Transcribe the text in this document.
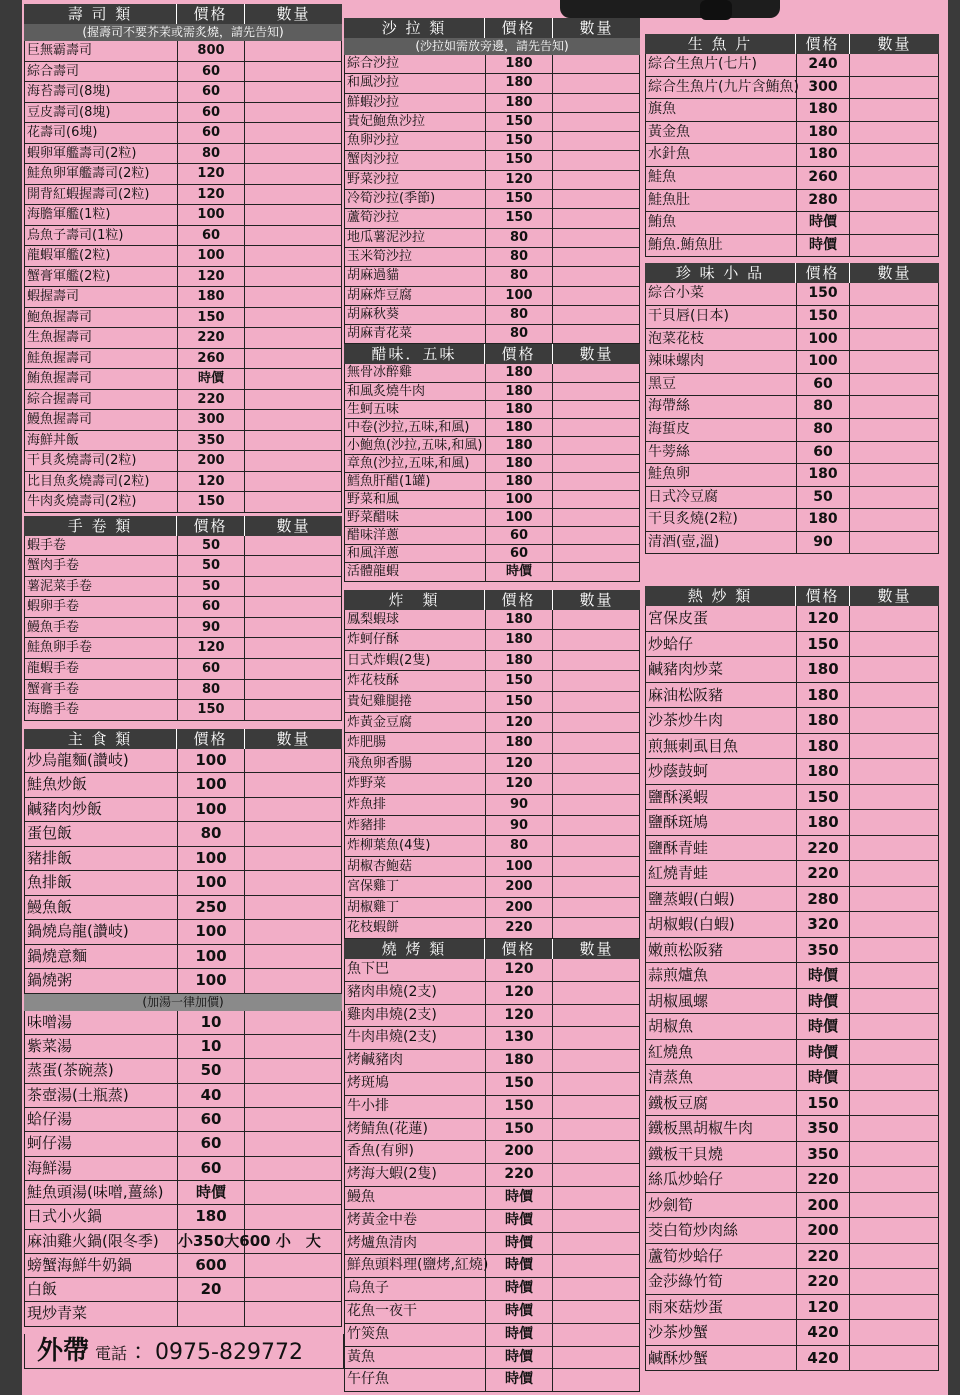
壽 司 類	價格	數量
(握壽司不要芥茉或需炙燒，請先告知)
巨無霸壽司	800
綜合壽司	60
海苔壽司(8塊)	60
豆皮壽司(8塊)	60
花壽司(6塊)	60
蝦卵軍艦壽司(2粒)	80
鮭魚卵軍艦壽司(2粒)	120
開背紅蝦握壽司(2粒)	120
海膽軍艦(1粒)	100
烏魚子壽司(1粒)	60
龍蝦軍艦(2粒)	100
蟹膏軍艦(2粒)	120
蝦握壽司	180
鮑魚握壽司	150
生魚握壽司	220
鮭魚握壽司	260
鮪魚握壽司	時價
綜合握壽司	220
鰻魚握壽司	300
海鮮丼飯	350
干貝炙燒壽司(2粒)	200
比目魚炙燒壽司(2粒)	120
牛肉炙燒壽司(2粒)	150
手 卷 類	價格	數量
蝦手卷	50
蟹肉手卷	50
薯泥菜手卷	50
蝦卵手卷	60
鰻魚手卷	90
鮭魚卵手卷	120
龍蝦手卷	60
蟹膏手卷	80
海膽手卷	150
主 食 類	價格	數量
炒烏龍麵(讚岐)	100
鮭魚炒飯	100
鹹豬肉炒飯	100
蛋包飯	80
豬排飯	100
魚排飯	100
鰻魚飯	250
鍋燒烏龍(讚岐)	100
鍋燒意麵	100
鍋燒粥	100
(加湯一律加價)
味噌湯	10
紫菜湯	10
蒸蛋(茶碗蒸)	50
茶壺湯(土瓶蒸)	40
蛤仔湯	60
蚵仔湯	60
海鮮湯	60
鮭魚頭湯(味噌,薑絲)	時價
日式小火鍋	180
麻油雞火鍋(限冬季)	小350大600 小　大
螃蟹海鮮牛奶鍋	600
白飯	20
現炒青菜
沙 拉 類	價格	數量
(沙拉如需放旁邊，請先告知)
綜合沙拉	180
和風沙拉	180
鮮蝦沙拉	180
貴妃鮑魚沙拉	150
魚卵沙拉	150
蟹肉沙拉	150
野菜沙拉	120
冷筍沙拉(季節)	150
蘆筍沙拉	150
地瓜薯泥沙拉	80
玉米筍沙拉	80
胡麻過貓	80
胡麻炸豆腐	100
胡麻秋葵	80
胡麻青花菜	80
醋味．五味	價格	數量
無骨冰醉雞	180
和風炙燒牛肉	180
生蚵五味	180
中卷(沙拉,五味,和風)	180
小鮑魚(沙拉,五味,和風)	180
章魚(沙拉,五味,和風)	180
鱈魚肝醋(1罐)	180
野菜和風	100
野菜醋味	100
醋味洋蔥	60
和風洋蔥	60
活體龍蝦	時價
炸　類	價格	數量
鳳梨蝦球	180
炸蚵仔酥	180
日式炸蝦(2隻)	180
炸花枝酥	150
貴妃雞腿捲	150
炸黃金豆腐	120
炸肥腸	180
飛魚卵香腸	120
炸野菜	120
炸魚排	90
炸豬排	90
炸柳葉魚(4隻)	80
胡椒杏鮑菇	100
宮保雞丁	200
胡椒雞丁	200
花枝蝦餅	220
燒 烤 類	價格	數量
魚下巴	120
豬肉串燒(2支)	120
雞肉串燒(2支)	120
牛肉串燒(2支)	130
烤鹹豬肉	180
烤斑鳩	150
牛小排	150
烤鯖魚(花蓮)	150
香魚(有卵)	200
烤海大蝦(2隻)	220
鰻魚	時價
烤黃金中卷	時價
烤爐魚清肉	時價
鮮魚頭料理(鹽烤,紅燒)	時價
烏魚子	時價
花魚一夜干	時價
竹筴魚	時價
黃魚	時價
午仔魚	時價
生 魚 片	價格	數量
綜合生魚片(七片)	240
綜合生魚片(九片含鮪魚) 300
旗魚	180
黃金魚	180
水針魚	180
鮭魚	260
鮭魚肚	280
鮪魚	時價
鮪魚.鮪魚肚	時價
珍 味 小 品	價格	數量
綜合小菜	150
干貝唇(日本)	150
泡菜花枝	100
辣味螺肉	100
黑豆	60
海帶絲	80
海蜇皮	80
牛蒡絲	60
鮭魚卵	180
日式冷豆腐	50
干貝炙燒(2粒)	180
清酒(壺,溫)	90
熱 炒 類	價格	數量
宮保皮蛋	120
炒蛤仔	150
鹹豬肉炒菜	180
麻油松阪豬	180
沙茶炒牛肉	180
煎無刺虱目魚	180
炒蔭鼓蚵	180
鹽酥溪蝦	150
鹽酥斑鳩	180
鹽酥青蛙	220
紅燒青蛙	220
鹽蒸蝦(白蝦)	280
胡椒蝦(白蝦)	320
嫩煎松阪豬	350
蒜煎爐魚	時價
胡椒風螺	時價
胡椒魚	時價
紅燒魚	時價
清蒸魚	時價
鐵板豆腐	150
鐵板黑胡椒牛肉	350
鐵板干貝燒	350
絲瓜炒蛤仔	220
炒劍筍	200
茭白筍炒肉絲	200
蘆筍炒蛤仔	220
金莎綠竹筍	220
雨來菇炒蛋	120
沙茶炒蟹	420
鹹酥炒蟹	420
外帶 電話 ：0975-829772
